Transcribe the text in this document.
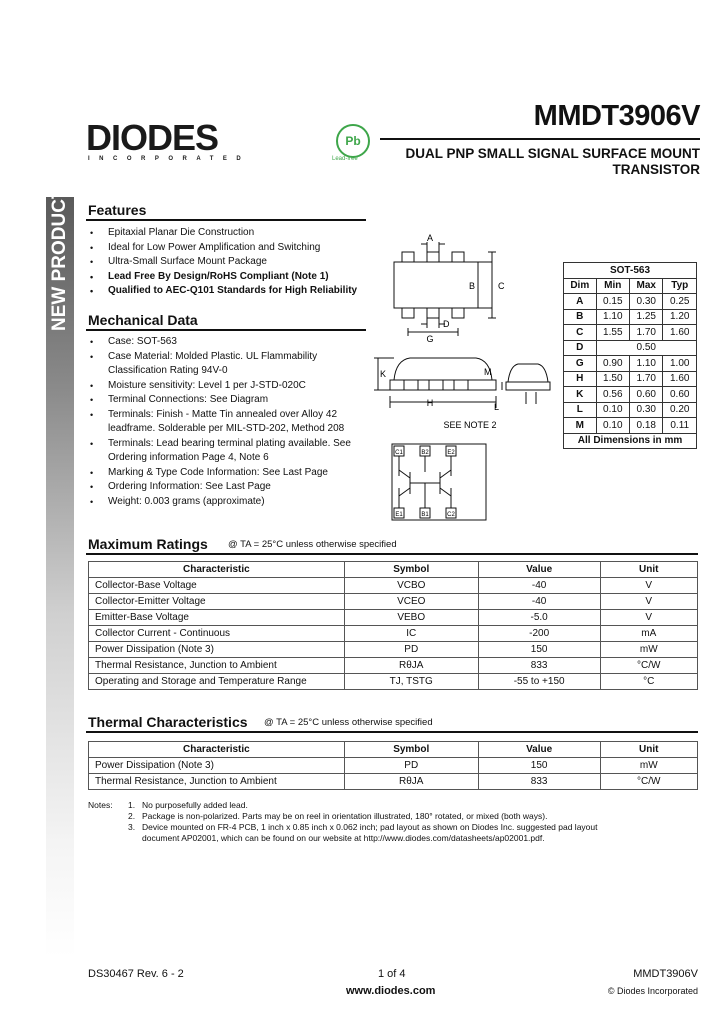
DIODES
INCORPORATED
Pb
Lead-free
MMDT3906V
DUAL PNP SMALL SIGNAL SURFACE MOUNT
TRANSISTOR
NEW PRODUCT Features
• Epitaxial Planar Die Construction
• Ideal for Low Power Amplification and Switching
• Ultra-Small Surface Mount Package
• Lead Free By Design/RoHS Compliant (Note 1)
• Qualified to AEC-Q101 Standards for High Reliability
Mechanical Data
• Case: SOT-563
• Case Material: Molded Plastic. UL Flammability Classification Rating 94V-0
• Moisture sensitivity: Level 1 per J-STD-020C
• Terminal Connections: See Diagram
• Terminals: Finish - Matte Tin annealed over Alloy 42 leadframe. Solderable per MIL-STD-202, Method 208
• Terminals: Lead bearing terminal plating available. See Ordering information Page 4, Note 6
• Marking & Type Code Information: See Last Page
• Ordering Information: See Last Page
• Weight: 0.003 grams (approximate)
A
B	C
D
G
K
H
M
L
SEE NOTE 2
C1	B2	E2
E1	B1	C2
SOT-563			
Dim	Min	Max	Typ
A	0.15	0.30	0.25
B	1.10	1.25	1.20
C	1.55	1.70	1.60
D	0.50		
G	0.90	1.10	1.00
H	1.50	1.70	1.60
K	0.56	0.60	0.60
L	0.10	0.30	0.20
M	0.10	0.18	0.11
All Dimensions in mm			
Maximum Ratings @ TA = 25°C unless otherwise specified
Characteristic	Symbol	Value	Unit
Collector-Base Voltage	VCBO	-40	V
Collector-Emitter Voltage	VCEO	-40	V
Emitter-Base Voltage	VEBO	-5.0	V
Collector Current - Continuous	IC	-200	mA
Power Dissipation (Note 3)	PD	150	mW
Thermal Resistance, Junction to Ambient	RθJA	833	°C/W
Operating and Storage and Temperature Range	TJ, TSTG	-55 to +150	°C
Thermal Characteristics @ TA = 25°C unless otherwise specified
Characteristic	Symbol	Value	Unit
Power Dissipation (Note 3)	PD	150	mW
Thermal Resistance, Junction to Ambient	RθJA	833	°C/W
Notes:	1. No purposefully added lead.
2. Package is non-polarized. Parts may be on reel in orientation illustrated, 180° rotated, or mixed (both ways).
3. Device mounted on FR-4 PCB, 1 inch x 0.85 inch x 0.062 inch; pad layout as shown on Diodes Inc. suggested pad layout
document AP02001, which can be found on our website at http://www.diodes.com/datasheets/ap02001.pdf.
DS30467 Rev. 6 - 2	1 of 4
www.diodes.com
MMDT3906V
© Diodes Incorporated
